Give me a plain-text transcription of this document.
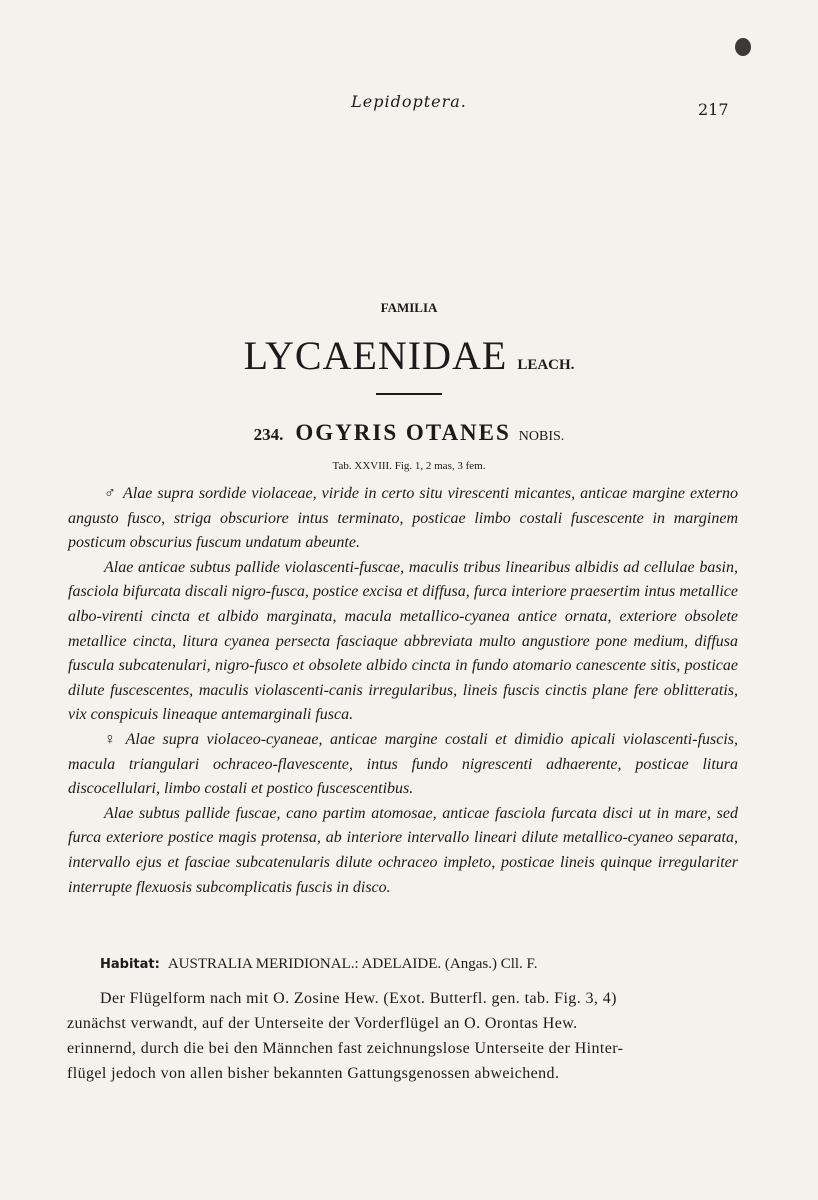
Lepidoptera.	217
FAMILIA
LYCAENIDAE LEACH.
234. OGYRIS OTANES NOBIS.
Tab. XXVIII. Fig. 1, 2 mas, 3 fem.

♂ Alae supra sordide violaceae, viride in certo situ virescenti micantes, anticae margine externo angusto fusco, striga obscuriore intus terminato, posticae limbo costali fuscescente in marginem posticum obscurius fuscum undatum abeunte.

Alae anticae subtus pallide violascenti-fuscae, maculis tribus linearibus albidis ad cellulae basin, fasciola bifurcata discali nigro-fusca, postice excisa et diffusa, furca interiore praesertim intus metallice albo-virenti cincta et albido marginata, macula metallico-cyanea antice ornata, exteriore obsolete metallice cincta, litura cyanea persecta fasciaque abbreviata multo angustiore pone medium, diffusa fuscula subcatenulari, nigro-fusco et obsolete albido cincta in fundo atomario canescente sitis, posticae dilute fuscescentes, maculis violascenti-canis irregularibus, lineis fuscis cinctis plane fere oblitteratis, vix conspicuis lineaque antemarginali fusca.

♀ Alae supra violaceo-cyaneae, anticae margine costali et dimidio apicali violascenti-fuscis, macula triangulari ochraceo-flavescente, intus fundo nigrescenti adhaerente, posticae litura discocellulari, limbo costali et postico fuscescentibus.

Alae subtus pallide fuscae, cano partim atomosae, anticae fasciola furcata disci ut in mare, sed furca exteriore postice magis protensa, ab interiore intervallo lineari dilute metallico-cyaneo separata, intervallo ejus et fasciae subcatenularis dilute ochraceo impleto, posticae lineis quinque irregulariter interrupte flexuosis subcomplicatis fuscis in disco.

Habitat: AUSTRALIA MERIDIONAL.: ADELAIDE. (Angas.) Cll. F.
Der Flügelform nach mit O. Zosine Hew. (Exot. Butterfl. gen. tab. Fig. 3, 4)
zunächst verwandt, auf der Unterseite der Vorderflügel an O. Orontas Hew.
erinnernd, durch die bei den Männchen fast zeichnungslose Unterseite der Hinter-
flügel jedoch von allen bisher bekannten Gattungsgenossen abweichend.
